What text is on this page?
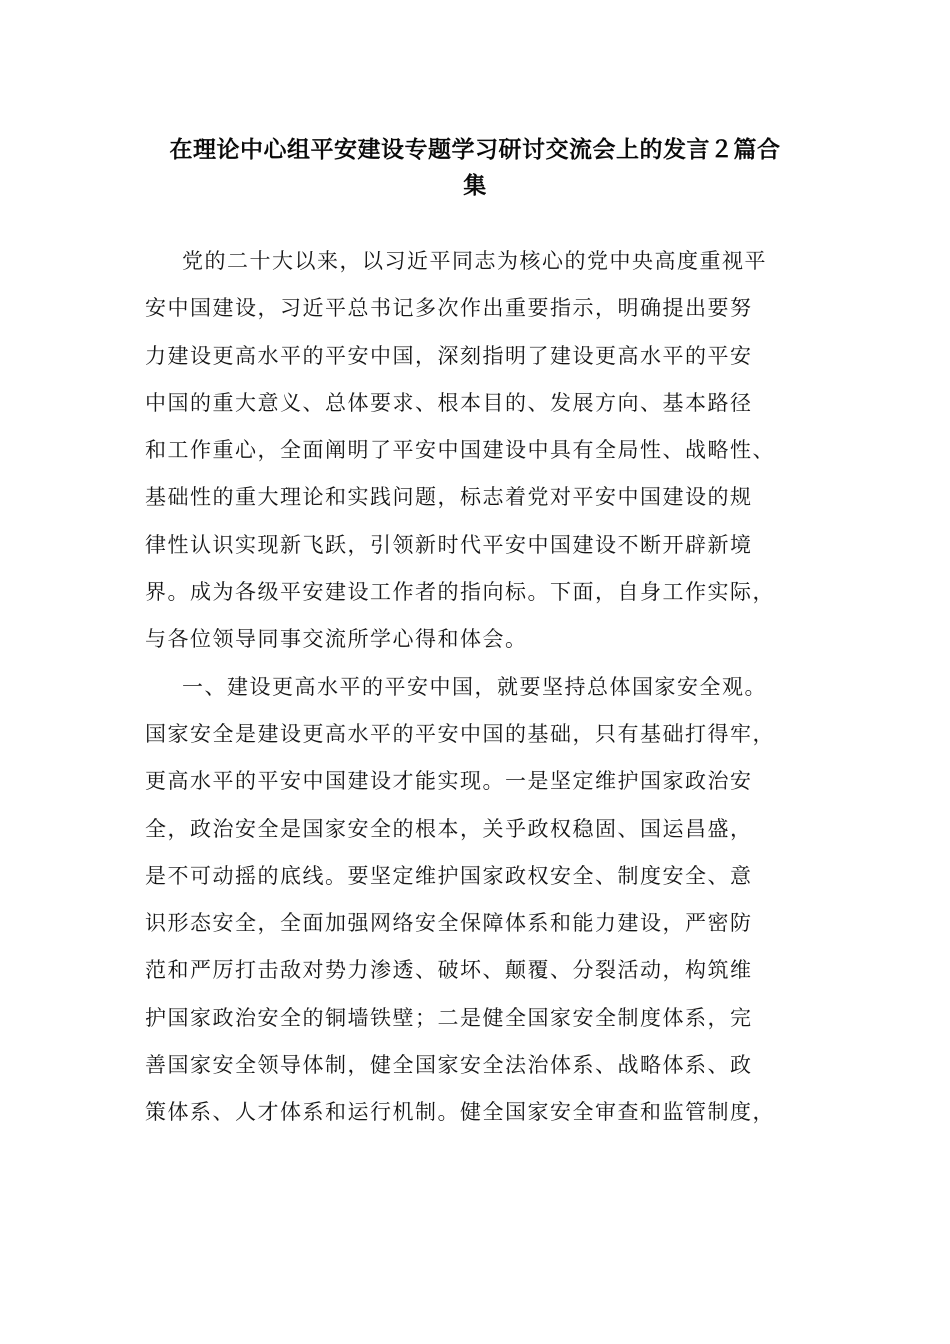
在理论中心组平安建设专题学习研讨交流会上的发言２篇合
集
党的二十大以来，以习近平同志为核心的党中央高度重视平
安中国建设，习近平总书记多次作出重要指示，明确提出要努
力建设更高水平的平安中国，深刻指明了建设更高水平的平安
中国的重大意义、总体要求、根本目的、发展方向、基本路径
和工作重心，全面阐明了平安中国建设中具有全局性、战略性、
基础性的重大理论和实践问题，标志着党对平安中国建设的规
律性认识实现新飞跃，引领新时代平安中国建设不断开辟新境
界。成为各级平安建设工作者的指向标。下面，自身工作实际，
与各位领导同事交流所学心得和体会。
一、建设更高水平的平安中国，就要坚持总体国家安全观。
国家安全是建设更高水平的平安中国的基础，只有基础打得牢，
更高水平的平安中国建设才能实现。一是坚定维护国家政治安
全，政治安全是国家安全的根本，关乎政权稳固、国运昌盛，
是不可动摇的底线。要坚定维护国家政权安全、制度安全、意
识形态安全，全面加强网络安全保障体系和能力建设，严密防
范和严厉打击敌对势力渗透、破坏、颠覆、分裂活动，构筑维
护国家政治安全的铜墙铁壁；二是健全国家安全制度体系，完
善国家安全领导体制，健全国家安全法治体系、战略体系、政
策体系、人才体系和运行机制。健全国家安全审查和监管制度，
